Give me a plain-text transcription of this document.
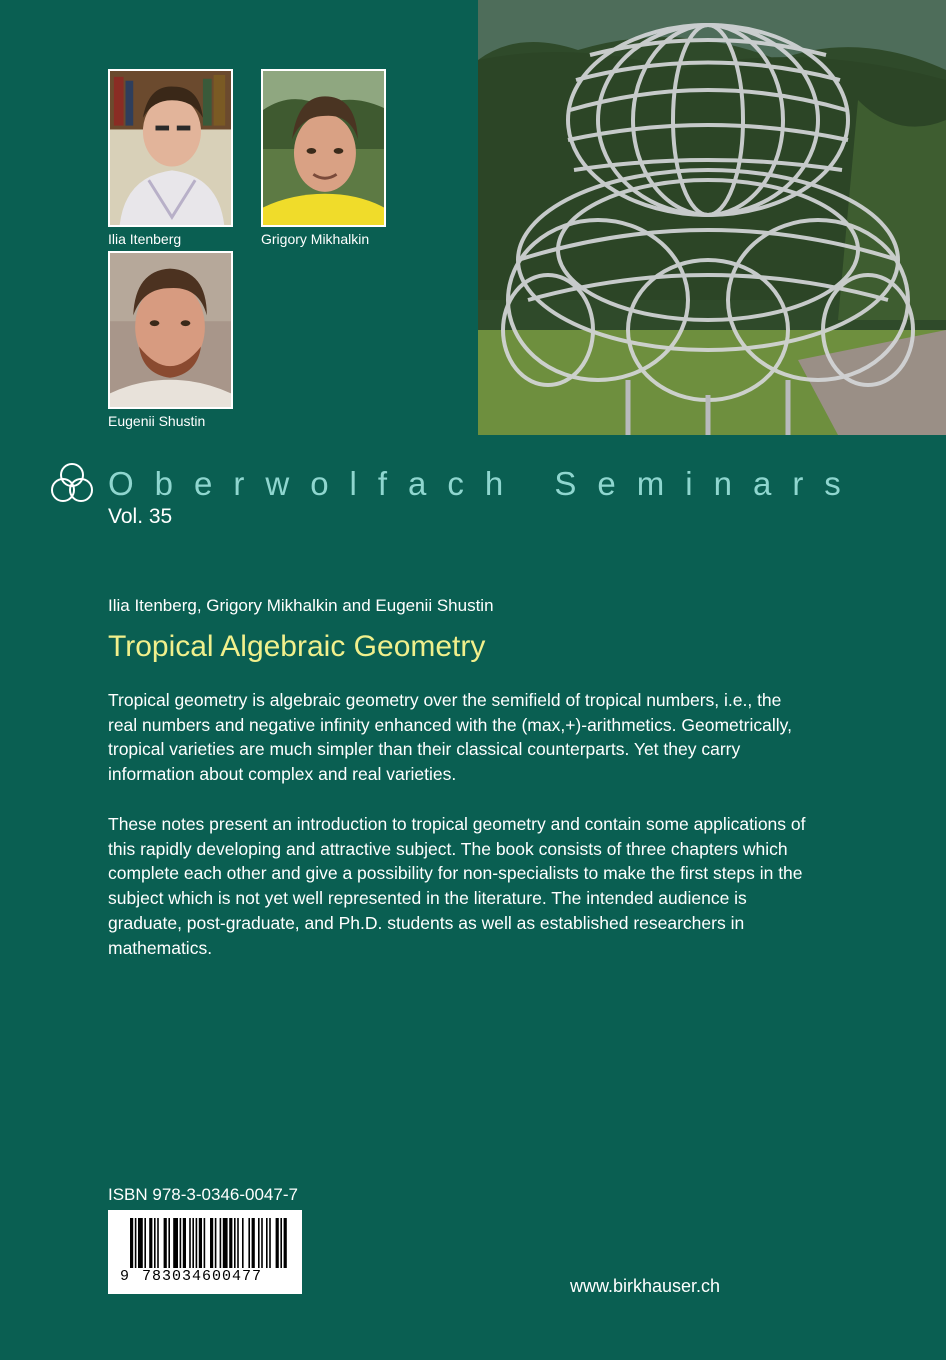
Ilia Itenberg	Grigory Mikhalkin
Eugenii Shustin
Oberwolfach Seminars
Vol. 35
Ilia Itenberg, Grigory Mikhalkin and Eugenii Shustin
Tropical Algebraic Geometry

Tropical geometry is algebraic geometry over the semifield of tropical numbers, i.e., the real numbers and negative infinity enhanced with the (max,+)-arithmetics. Geometrically, tropical varieties are much simpler than their classical counterparts. Yet they carry information about complex and real varieties.

These notes present an introduction to tropical geometry and contain some applications of this rapidly developing and attractive subject. The book consists of three chapters which complete each other and give a possibility for non-specialists to make the first steps in the subject which is not yet well represented in the literature. The intended audience is graduate, post-graduate, and Ph.D. students as well as established researchers in mathematics.

ISBN 978-3-0346-0047-7
9 783034600477	www.birkhauser.ch
